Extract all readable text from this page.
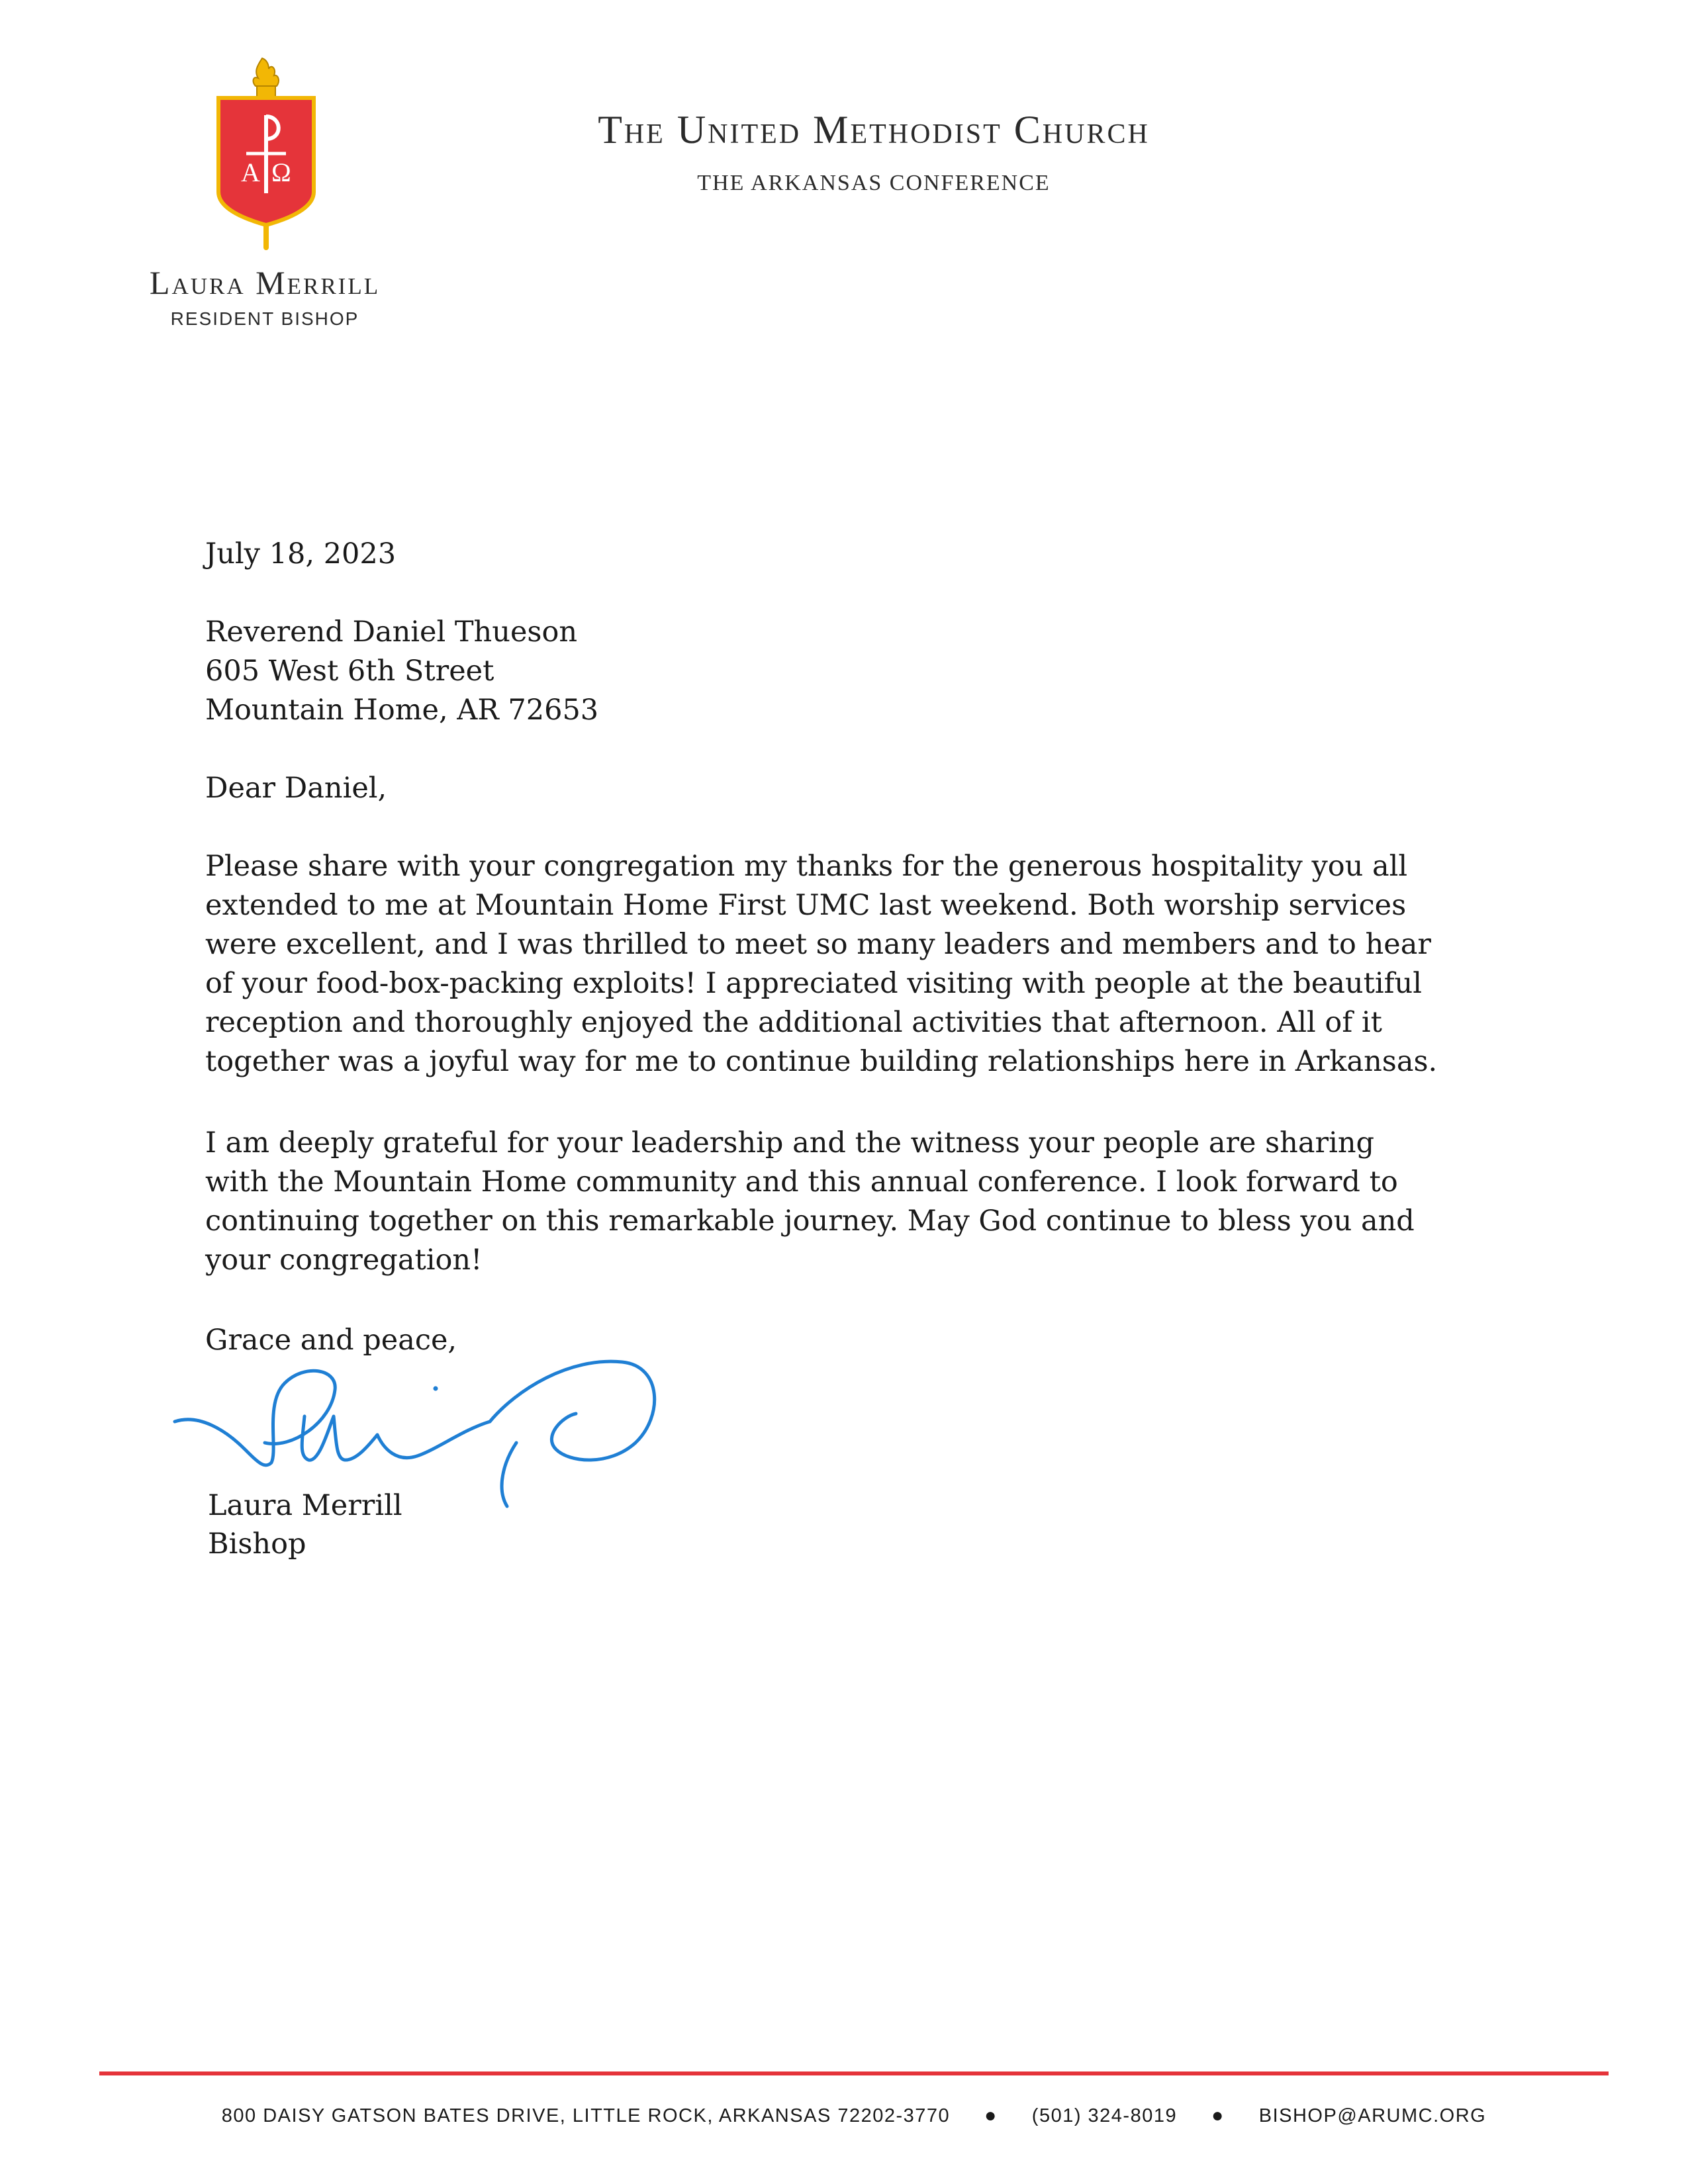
A Ω
Laura Merrill
RESIDENT BISHOP
The United Methodist Church
THE ARKANSAS CONFERENCE
July 18, 2023
Reverend Daniel Thueson
605 West 6th Street
Mountain Home, AR 72653
Dear Daniel,
Please share with your congregation my thanks for the generous hospitality you all
extended to me at Mountain Home First UMC last weekend. Both worship services
were excellent, and I was thrilled to meet so many leaders and members and to hear
of your food-box-packing exploits! I appreciated visiting with people at the beautiful
reception and thoroughly enjoyed the additional activities that afternoon. All of it
together was a joyful way for me to continue building relationships here in Arkansas.
I am deeply grateful for your leadership and the witness your people are sharing
with the Mountain Home community and this annual conference. I look forward to
continuing together on this remarkable journey. May God continue to bless you and
your congregation!
Grace and peace,
Laura Merrill
Bishop
800 DAISY GATSON BATES DRIVE, LITTLE ROCK, ARKANSAS 72202-3770 ● (501) 324-8019 ● BISHOP@ARUMC.ORG
